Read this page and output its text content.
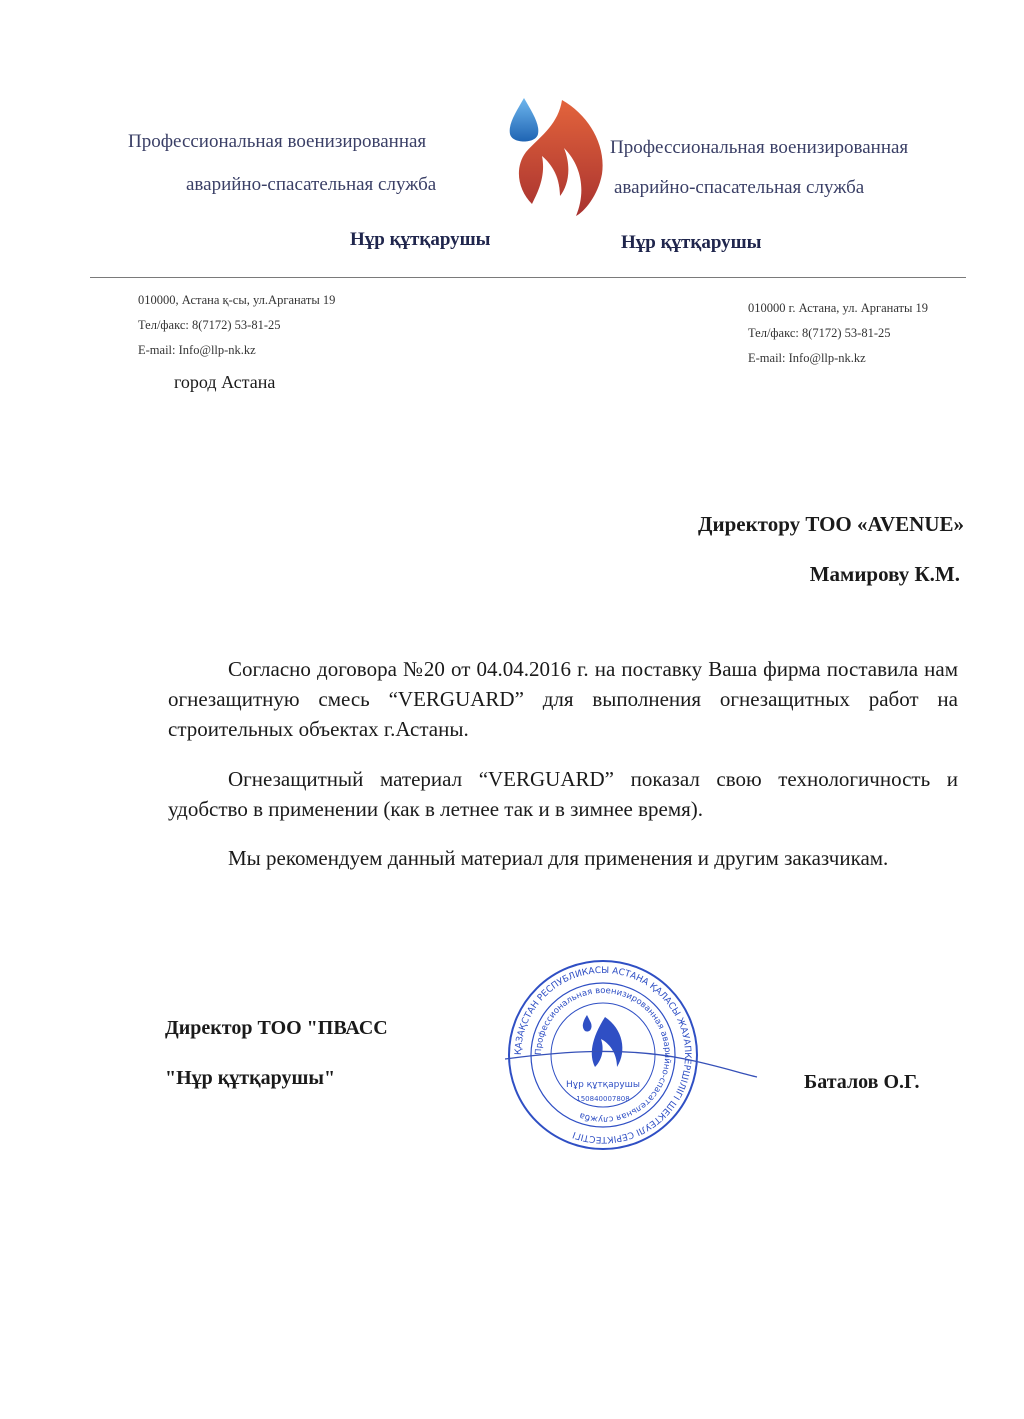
Профессиональная военизированная
аварийно-спасательная служба
Нұр құтқарушы
Профессиональная военизированная
аварийно-спасательная служба
Нұр құтқарушы
010000, Астана қ-сы, ул.Арганаты 19
Тел/факс: 8(7172) 53-81-25
E-mail: Info@llp-nk.kz
город Астана
010000 г. Астана, ул. Арганаты 19
Тел/факс: 8(7172) 53-81-25
E-mail: Info@llp-nk.kz
Директору ТОО «AVENUE»
Мамирову К.М.
Согласно договора №20 от 04.04.2016 г. на поставку Ваша фирма поставила нам огнезащитную смесь “VERGUARD” для выполнения огнезащитных работ на строительных объектах г.Астаны.
Огнезащитный материал “VERGUARD” показал свою технологичность и удобство в применении (как в летнее так и в зимнее время).
Мы рекомендуем данный материал для применения и другим заказчикам.
Директор ТОО "ПВАСС
"Нұр құтқарушы"	Баталов О.Г.
ҚАЗАҚСТАН РЕСПУБЛИКАСЫ АСТАНА ҚАЛАСЫ ЖАУАПКЕРШІЛІГІ ШЕКТЕУЛІ СЕРІКТЕСТІГІ
Профессиональная военизированная аварийно-спасательная служба
Нұр құтқарушы
150840007808
